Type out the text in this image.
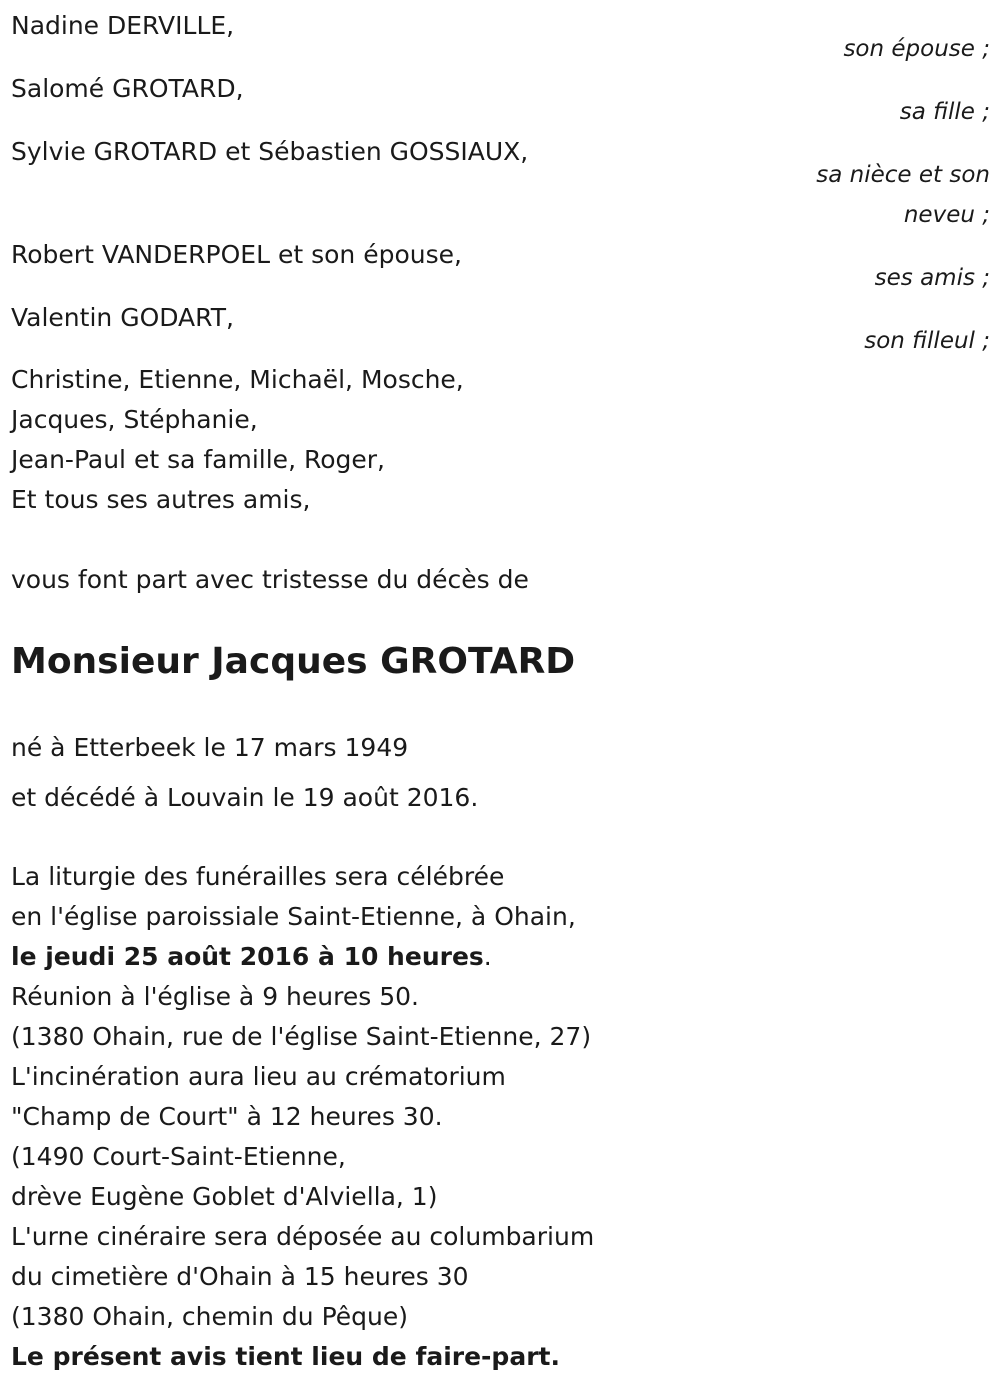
Nadine DERVILLE,
son épouse ;
Salomé GROTARD,
sa fille ;
Sylvie GROTARD et Sébastien GOSSIAUX,
sa nièce et son
neveu ;
Robert VANDERPOEL et son épouse,
ses amis ;
Valentin GODART,
son filleul ;
Christine, Etienne, Michaël, Mosche,
Jacques, Stéphanie,
Jean-Paul et sa famille, Roger,
Et tous ses autres amis,
vous font part avec tristesse du décès de
Monsieur Jacques GROTARD
né à Etterbeek le 17 mars 1949
et décédé à Louvain le 19 août 2016.
La liturgie des funérailles sera célébrée
en l'église paroissiale Saint-Etienne, à Ohain,
le jeudi 25 août 2016 à 10 heures.
Réunion à l'église à 9 heures 50.
(1380 Ohain, rue de l'église Saint-Etienne, 27)
L'incinération aura lieu au crématorium
"Champ de Court" à 12 heures 30.
(1490 Court-Saint-Etienne,
drève Eugène Goblet d'Alviella, 1)
L'urne cinéraire sera déposée au columbarium
du cimetière d'Ohain à 15 heures 30
(1380 Ohain, chemin du Pêque)
Le présent avis tient lieu de faire-part.
